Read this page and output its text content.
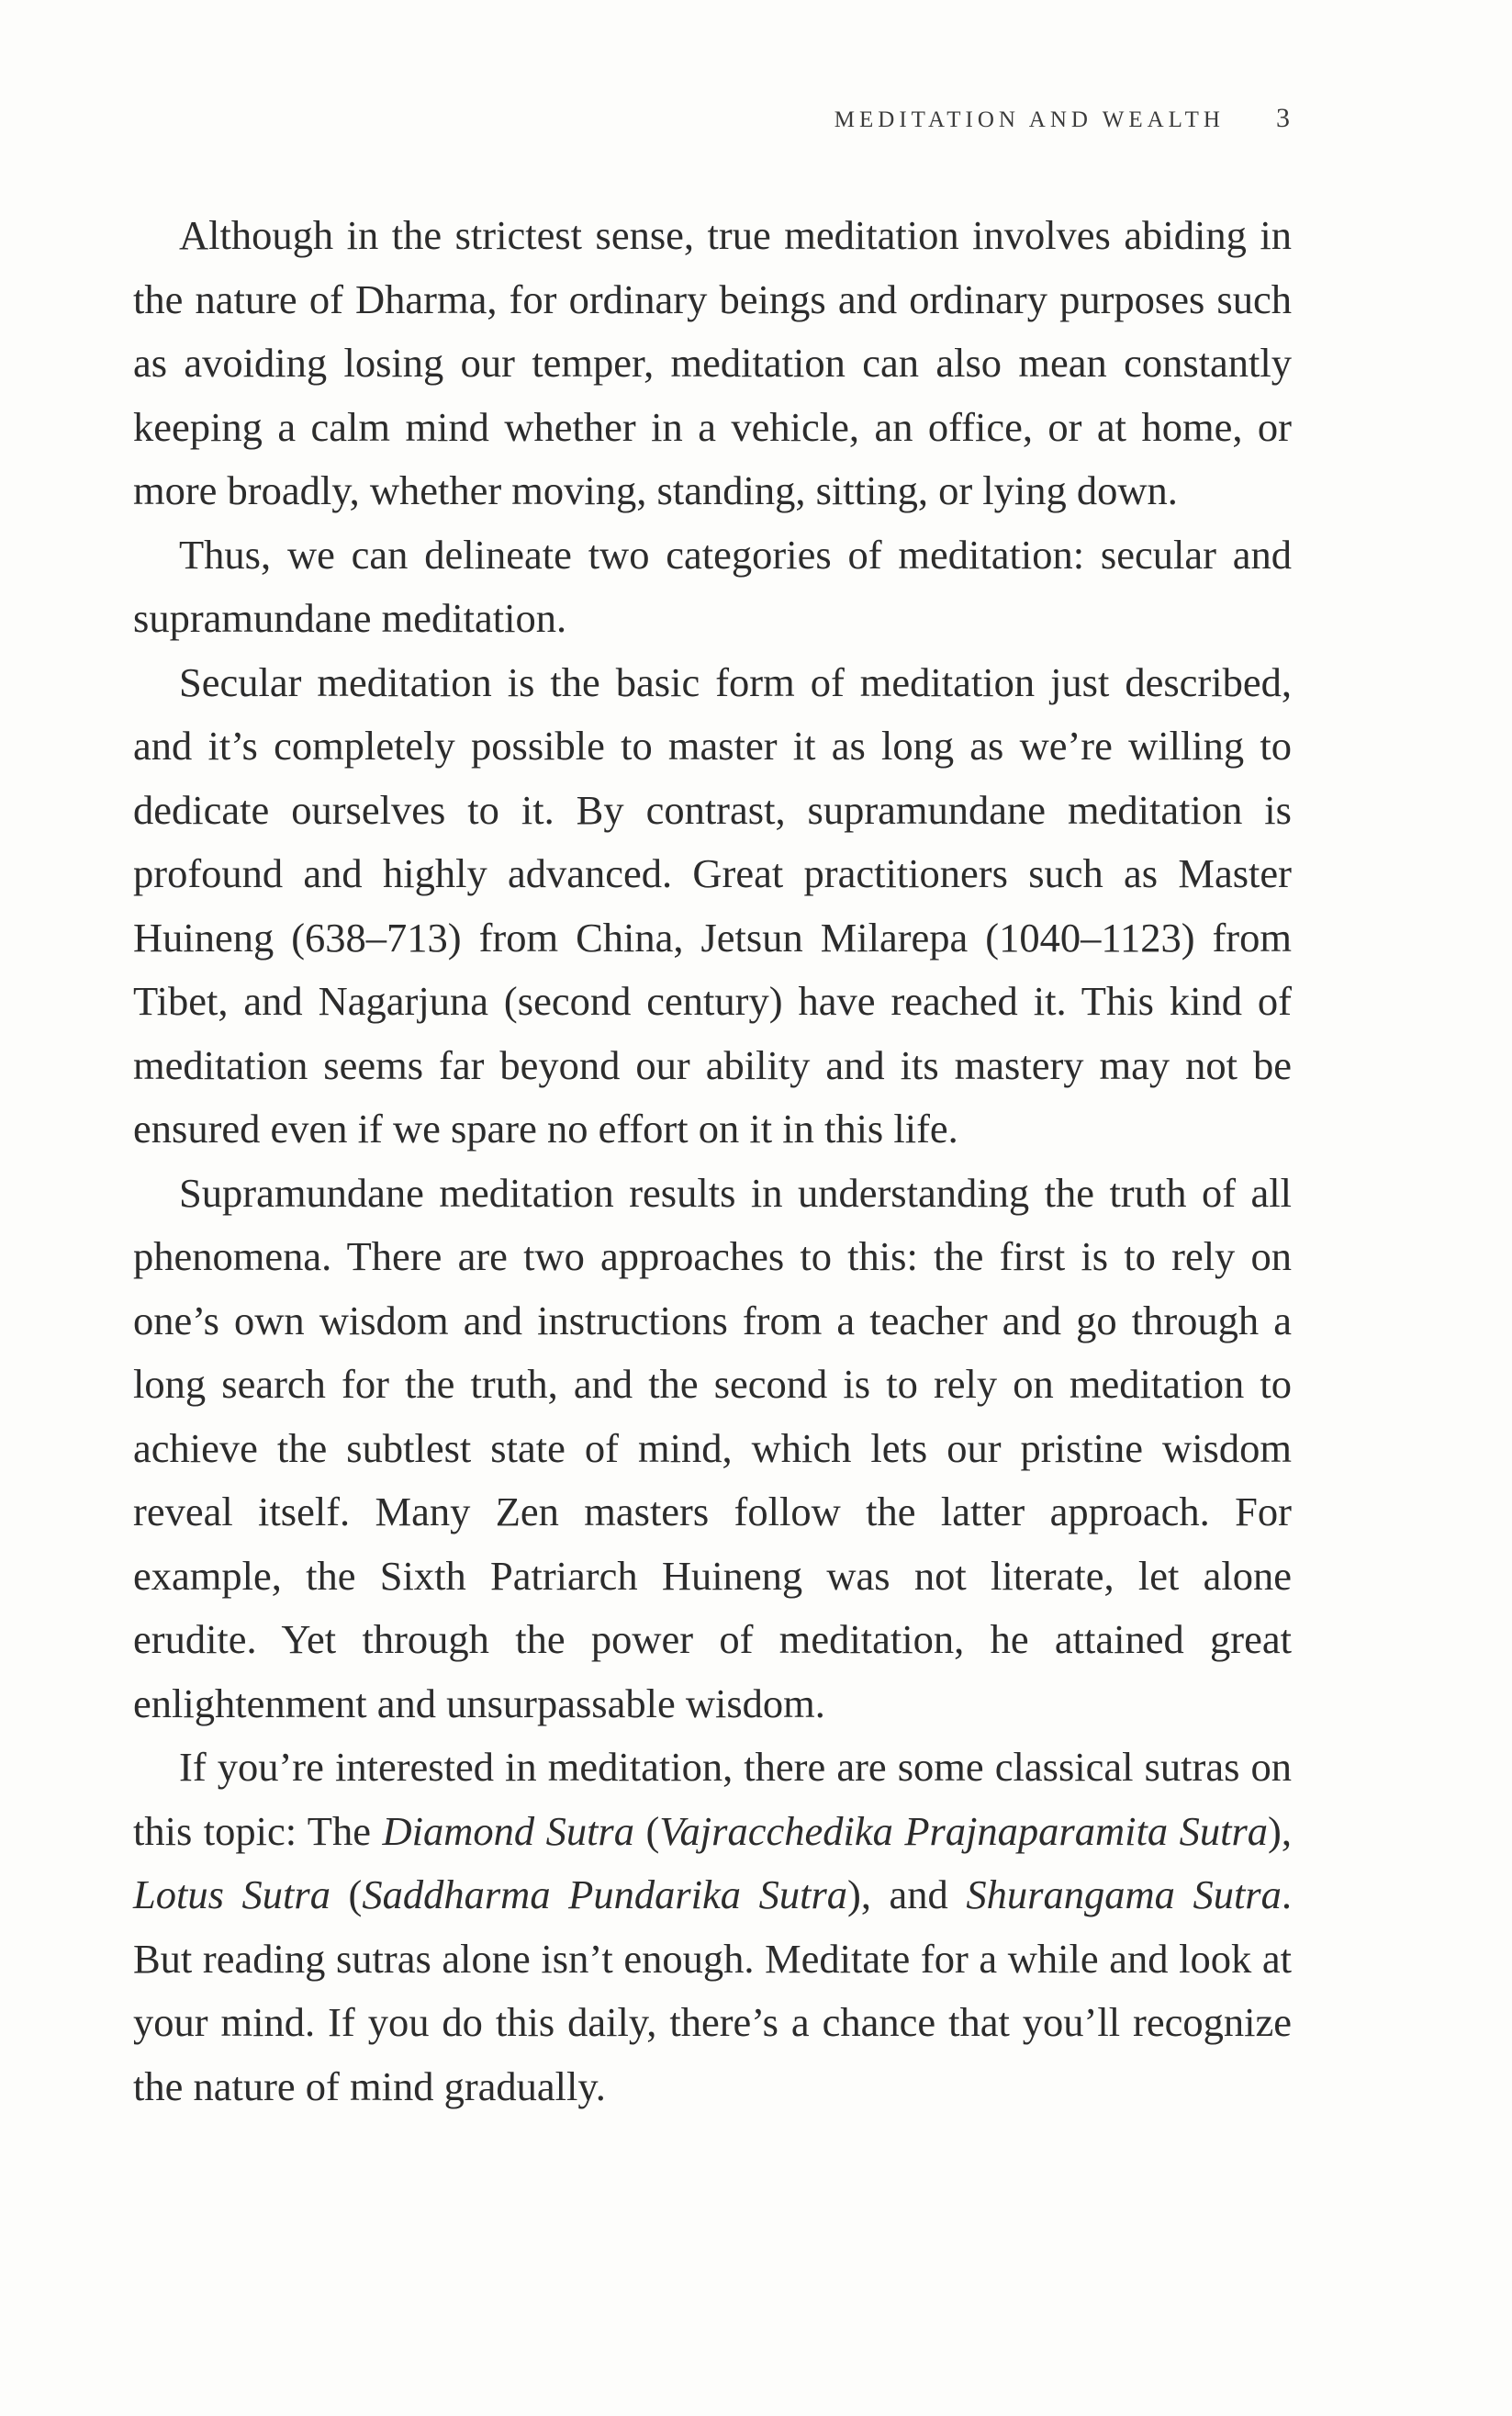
MEDITATION AND WEALTH 3

Although in the strictest sense, true meditation involves abiding in the nature of Dharma, for ordinary beings and ordinary purposes such as avoiding losing our temper, meditation can also mean constantly keeping a calm mind whether in a vehicle, an office, or at home, or more broadly, whether moving, standing, sitting, or lying down.

Thus, we can delineate two categories of meditation: secular and supramundane meditation.

Secular meditation is the basic form of meditation just described, and it’s completely possible to master it as long as we’re willing to dedicate ourselves to it. By contrast, supramundane meditation is profound and highly advanced. Great practitioners such as Master Huineng (638–713) from China, Jetsun Milarepa (1040–1123) from Tibet, and Nagarjuna (second century) have reached it. This kind of meditation seems far beyond our ability and its mastery may not be ensured even if we spare no effort on it in this life.

Supramundane meditation results in understanding the truth of all phenomena. There are two approaches to this: the first is to rely on one’s own wisdom and instructions from a teacher and go through a long search for the truth, and the second is to rely on meditation to achieve the subtlest state of mind, which lets our pristine wisdom reveal itself. Many Zen masters follow the latter approach. For example, the Sixth Patriarch Huineng was not literate, let alone erudite. Yet through the power of meditation, he attained great enlightenment and unsurpassable wisdom.

If you’re interested in meditation, there are some classical sutras on this topic: The Diamond Sutra (Vajracchedika Prajnaparamita Sutra), Lotus Sutra (Saddharma Pundarika Sutra), and Shurangama Sutra. But reading sutras alone isn’t enough. Meditate for a while and look at your mind. If you do this daily, there’s a chance that you’ll recognize the nature of mind gradually.
